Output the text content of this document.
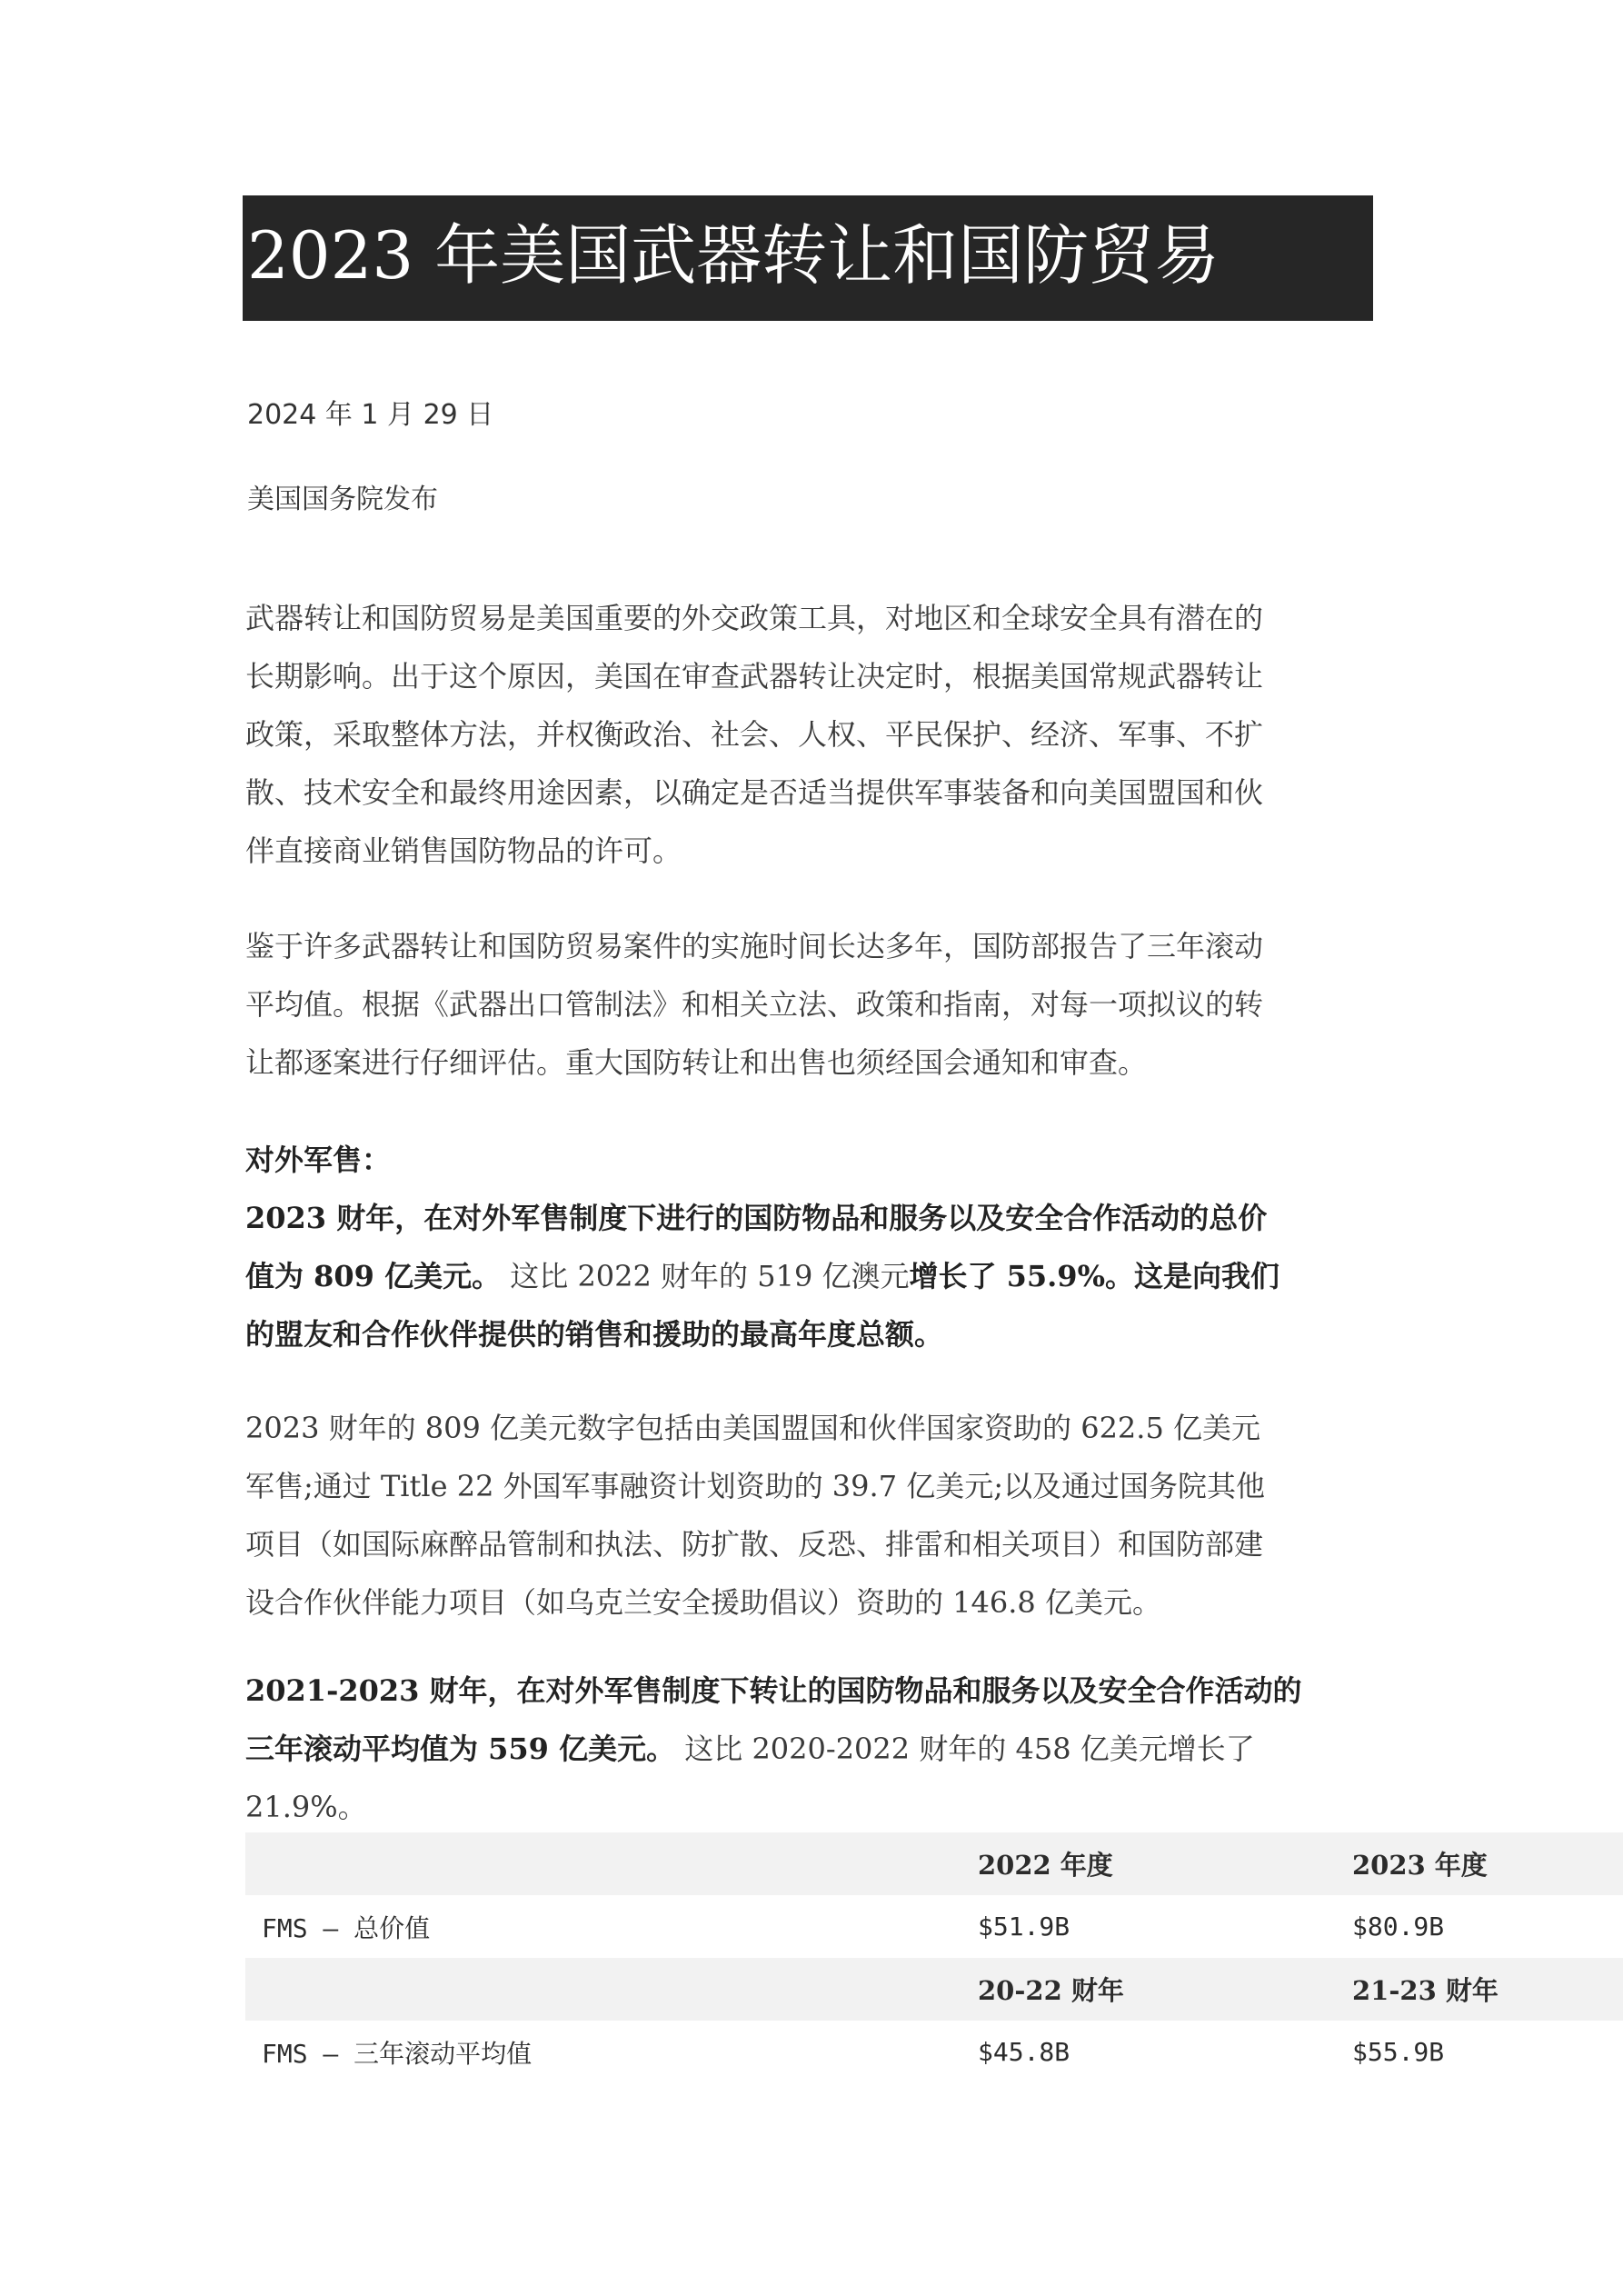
2023 年美国武器转让和国防贸易
2024 年 1 月 29 日
美国国务院发布
武器转让和国防贸易是美国重要的外交政策工具，对地区和全球安全具有潜在的
长期影响。出于这个原因，美国在审查武器转让决定时，根据美国常规武器转让
政策，采取整体方法，并权衡政治、社会、人权、平民保护、经济、军事、不扩
散、技术安全和最终用途因素，以确定是否适当提供军事装备和向美国盟国和伙
伴直接商业销售国防物品的许可。
鉴于许多武器转让和国防贸易案件的实施时间长达多年，国防部报告了三年滚动
平均值。根据《武器出口管制法》和相关立法、政策和指南，对每一项拟议的转
让都逐案进行仔细评估。重大国防转让和出售也须经国会通知和审查。
对外军售：
2023 财年，在对外军售制度下进行的国防物品和服务以及安全合作活动的总价
值为 809 亿美元。 这比 2022 财年的 519 亿澳元增长了 55.9%。这是向我们
的盟友和合作伙伴提供的销售和援助的最高年度总额。
2023 财年的 809 亿美元数字包括由美国盟国和伙伴国家资助的 622.5 亿美元
军售;通过 Title 22 外国军事融资计划资助的 39.7 亿美元;以及通过国务院其他
项目（如国际麻醉品管制和执法、防扩散、反恐、排雷和相关项目）和国防部建
设合作伙伴能力项目（如乌克兰安全援助倡议）资助的 146.8 亿美元。
2021-2023 财年，在对外军售制度下转让的国防物品和服务以及安全合作活动的
三年滚动平均值为 559 亿美元。 这比 2020-2022 财年的 458 亿美元增长了
21.9%。
	2022 年度	2023 年度
FMS — 总价值	$51.9B	$80.9B
	20-22 财年	21-23 财年
FMS — 三年滚动平均值	$45.8B	$55.9B
